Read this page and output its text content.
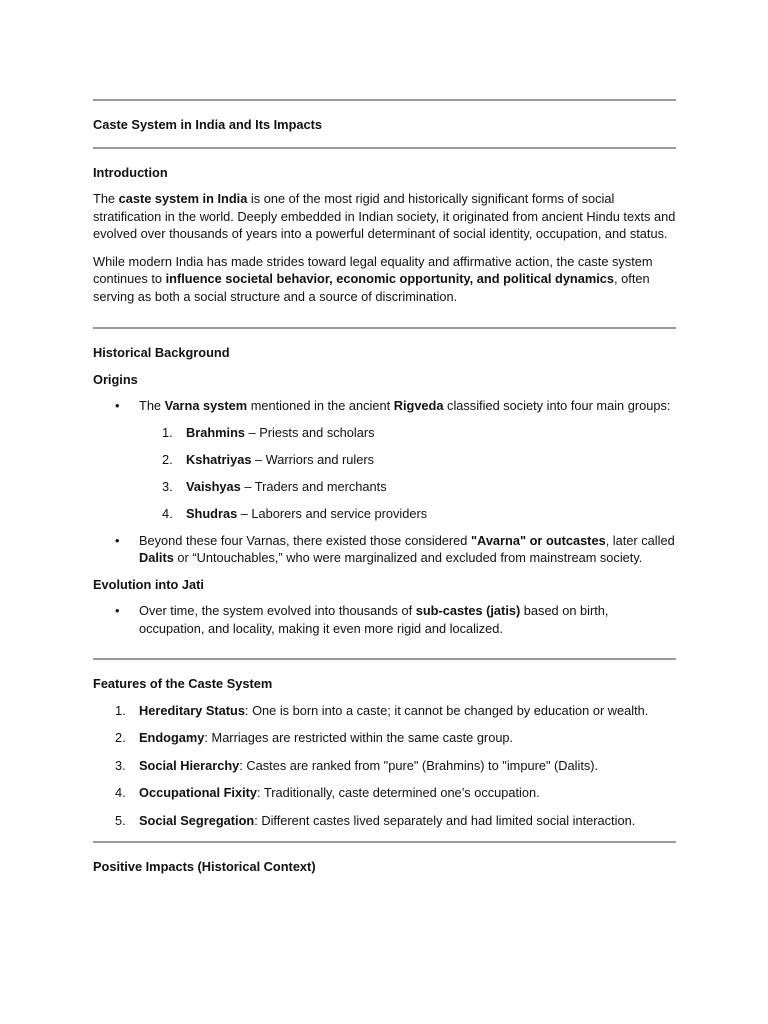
Caste System in India and Its Impacts

Introduction

The caste system in India is one of the most rigid and historically significant forms of social stratification in the world. Deeply embedded in Indian society, it originated from ancient Hindu texts and evolved over thousands of years into a powerful determinant of social identity, occupation, and status.

While modern India has made strides toward legal equality and affirmative action, the caste system continues to influence societal behavior, economic opportunity, and political dynamics, often serving as both a social structure and a source of discrimination.

Historical Background

Origins

• The Varna system mentioned in the ancient Rigveda classified society into four main groups:
1. Brahmins – Priests and scholars
2. Kshatriyas – Warriors and rulers
3. Vaishyas – Traders and merchants
4. Shudras – Laborers and service providers
• Beyond these four Varnas, there existed those considered "Avarna" or outcastes, later called Dalits or “Untouchables,” who were marginalized and excluded from mainstream society.

Evolution into Jati

• Over time, the system evolved into thousands of sub-castes (jatis) based on birth, occupation, and locality, making it even more rigid and localized.

Features of the Caste System

1. Hereditary Status: One is born into a caste; it cannot be changed by education or wealth.
2. Endogamy: Marriages are restricted within the same caste group.
3. Social Hierarchy: Castes are ranked from "pure" (Brahmins) to "impure" (Dalits).
4. Occupational Fixity: Traditionally, caste determined one’s occupation.
5. Social Segregation: Different castes lived separately and had limited social interaction.

Positive Impacts (Historical Context)
